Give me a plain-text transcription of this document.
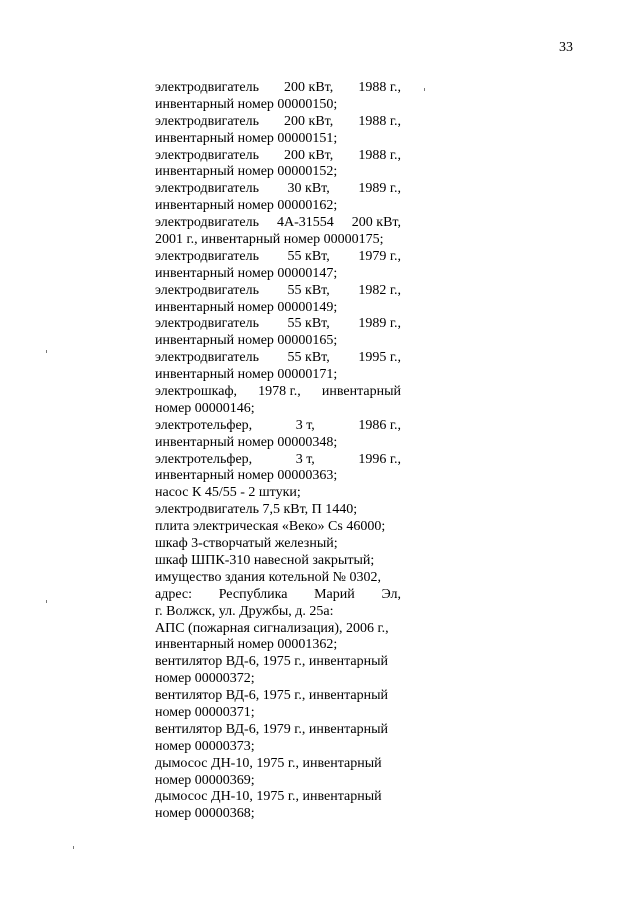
33
электродвигатель 200 кВт, 1988 г.,
инвентарный номер 00000150;
электродвигатель 200 кВт, 1988 г.,
инвентарный номер 00000151;
электродвигатель 200 кВт, 1988 г.,
инвентарный номер 00000152;
электродвигатель 30 кВт, 1989 г.,
инвентарный номер 00000162;
электродвигатель 4А-31554 200 кВт,
2001 г., инвентарный номер 00000175;
электродвигатель 55 кВт, 1979 г.,
инвентарный номер 00000147;
электродвигатель 55 кВт, 1982 г.,
инвентарный номер 00000149;
электродвигатель 55 кВт, 1989 г.,
инвентарный номер 00000165;
электродвигатель 55 кВт, 1995 г.,
инвентарный номер 00000171;
электрошкаф, 1978 г., инвентарный
номер 00000146;
электротельфер,	3 т,	1986 г.,
инвентарный номер 00000348;
электротельфер,	3 т,	1996 г.,
инвентарный номер 00000363;
насос К 45/55 - 2 штуки;
электродвигатель 7,5 кВт, П 1440;
плита электрическая «Веко» Cs 46000;
шкаф 3-створчатый железный;
шкаф ШПК-310 навесной закрытый;
имущество здания котельной № 0302,
адрес: Республика Марий Эл,
г. Волжск, ул. Дружбы, д. 25а:
АПС (пожарная сигнализация), 2006 г.,
инвентарный номер 00001362;
вентилятор ВД-6, 1975 г., инвентарный
номер 00000372;
вентилятор ВД-6, 1975 г., инвентарный
номер 00000371;
вентилятор ВД-6, 1979 г., инвентарный
номер 00000373;
дымосос ДН-10, 1975 г., инвентарный
номер 00000369;
дымосос ДН-10, 1975 г., инвентарный
номер 00000368;
